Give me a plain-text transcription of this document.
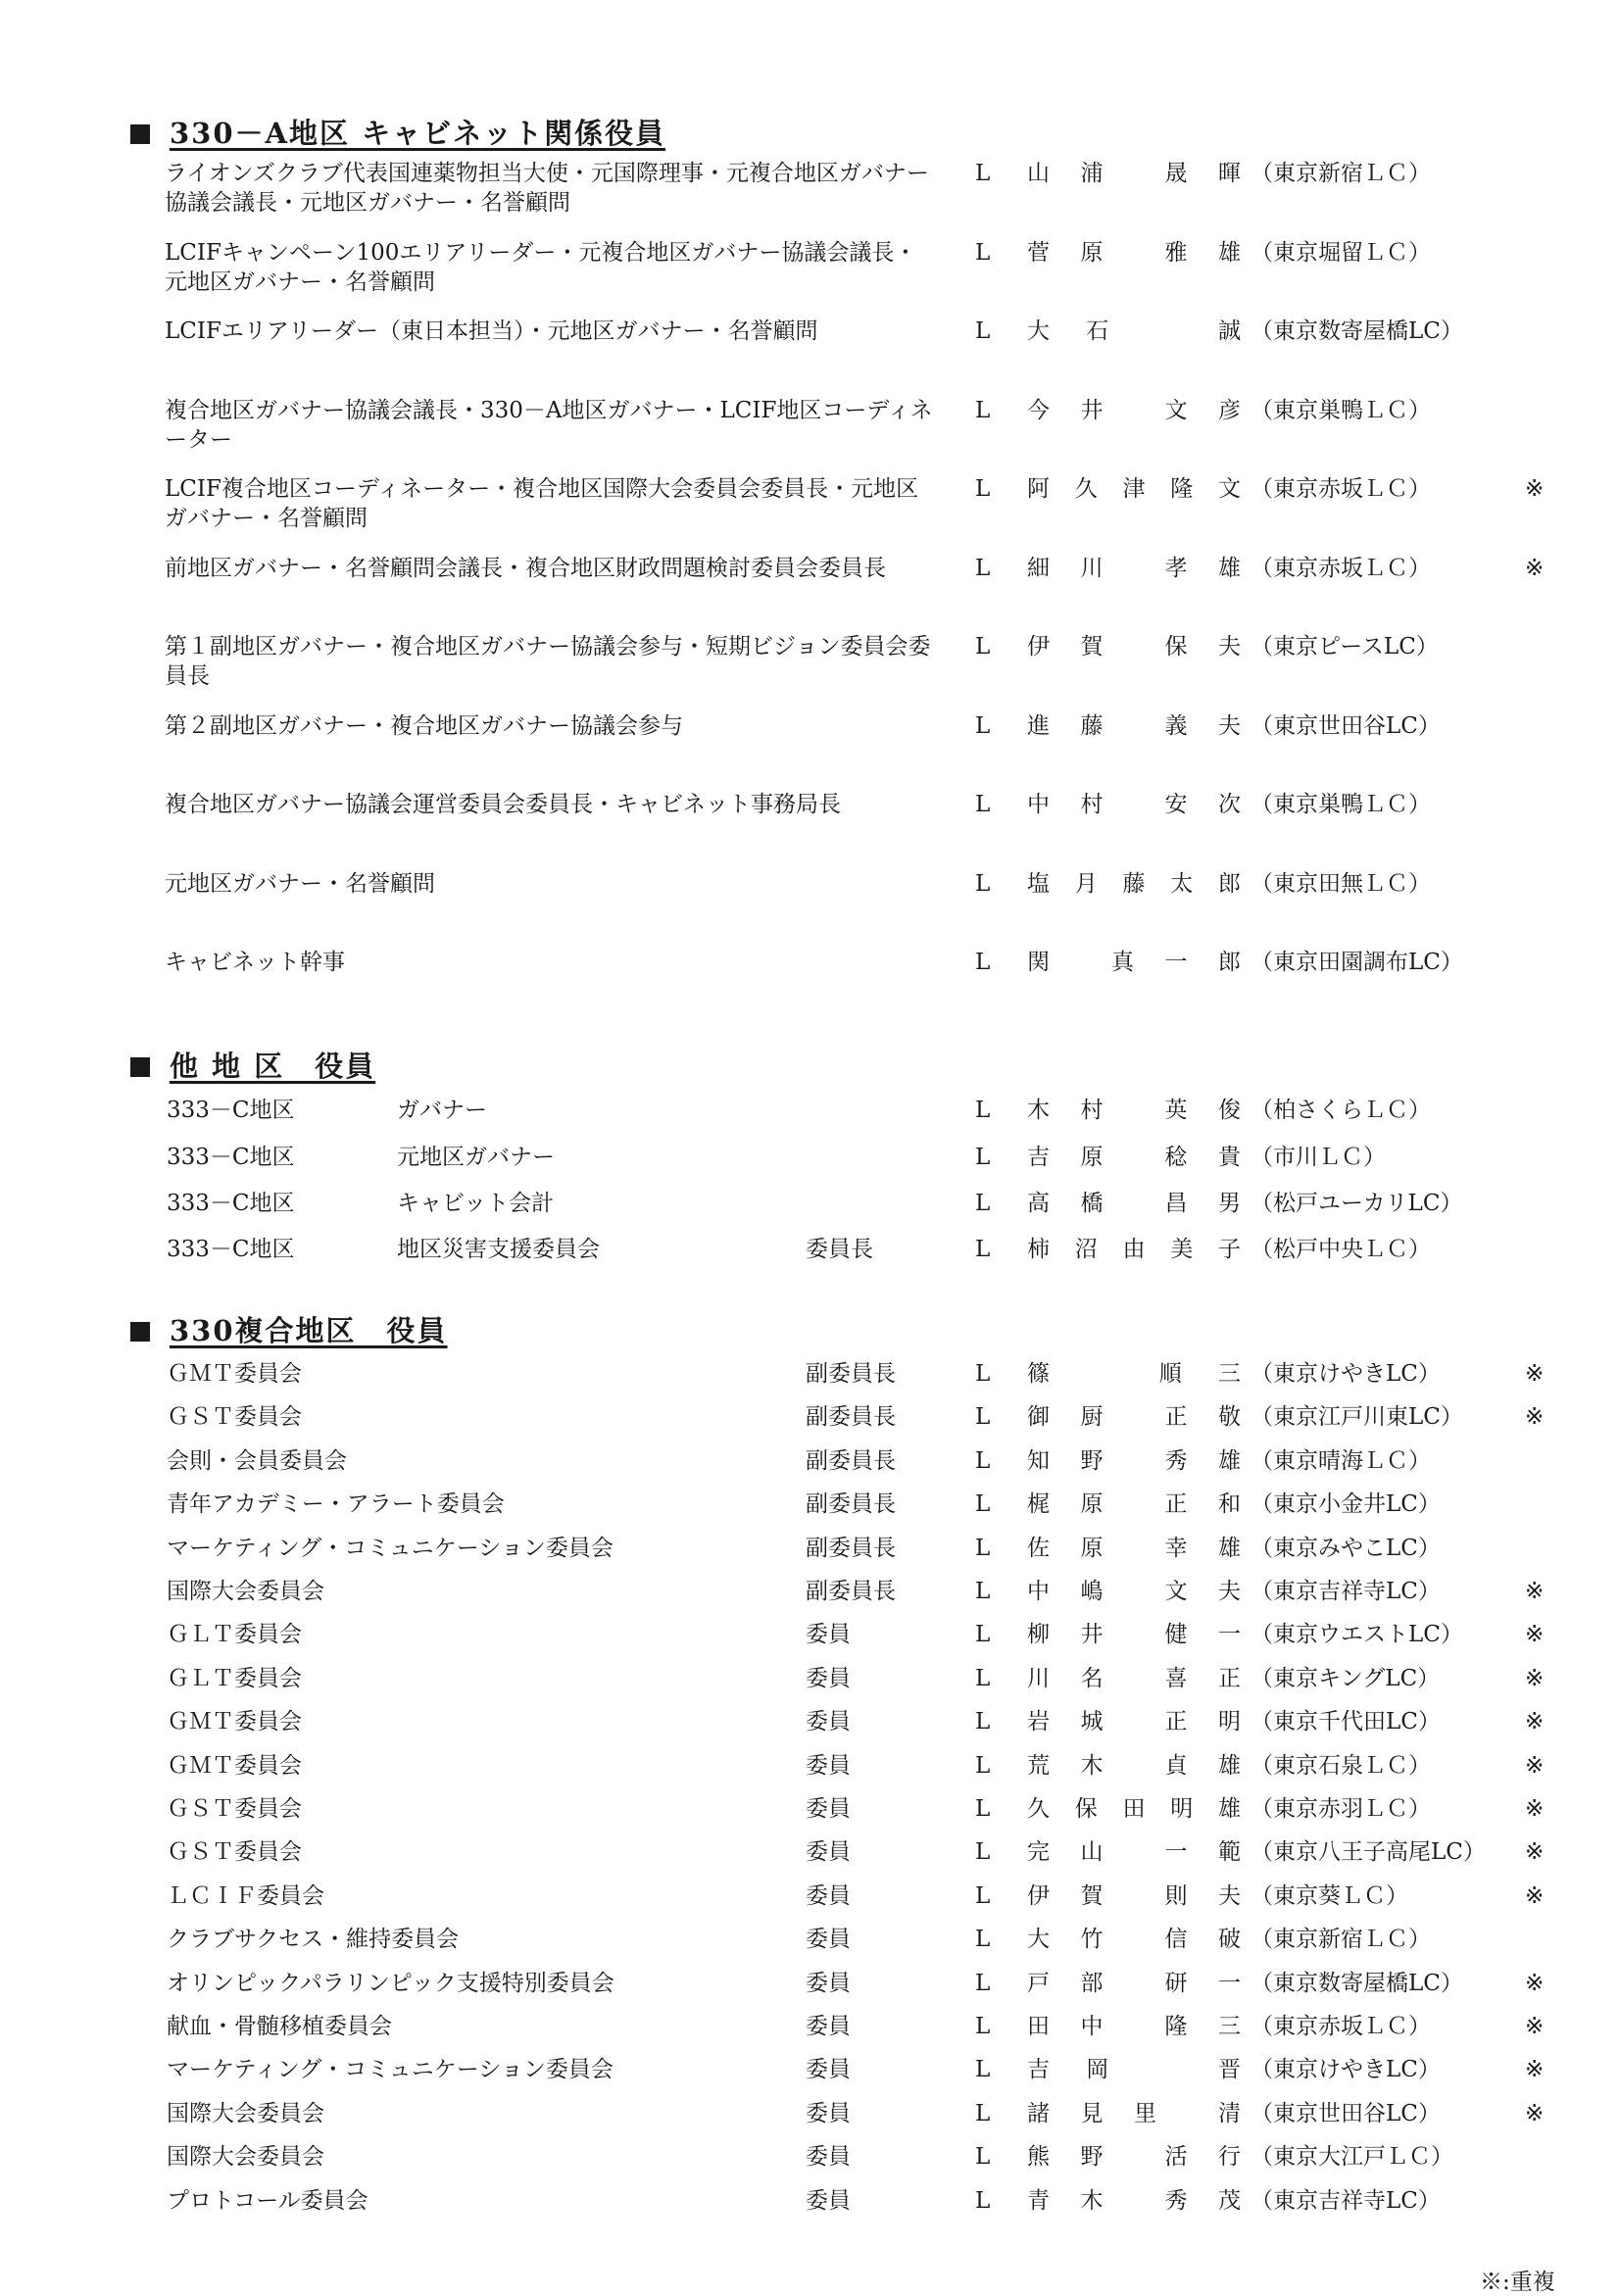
330－A地区 キャビネット関係役員
ライオンズクラブ代表国連薬物担当大使・元国際理事・元複合地区ガバナー協議会議長・元地区ガバナー・名誉顧問
L 山 浦	晟 暉 （東京新宿ＬＣ）
LCIFキャンペーン100エリアリーダー・元複合地区ガバナー協議会議長・元地区ガバナー・名誉顧問
L 菅 原	雅 雄 （東京堀留ＬＣ）
LCIFエリアリーダー（東日本担当）・元地区ガバナー・名誉顧問	L 大 石	誠 （東京数寄屋橋LC）
複合地区ガバナー協議会議長・330－A地区ガバナー・LCIF地区コーディネーター
L 今 井	文 彦 （東京巣鴨ＬＣ）
LCIF複合地区コーディネーター・複合地区国際大会委員会委員長・元地区ガバナー・名誉顧問
L 阿 久 津 隆 文 （東京赤坂ＬＣ）	※
前地区ガバナー・名誉顧問会議長・複合地区財政問題検討委員会委員長	L 細 川	孝 雄 （東京赤坂ＬＣ）	※
第１副地区ガバナー・複合地区ガバナー協議会参与・短期ビジョン委員会委員長
L 伊 賀	保 夫 （東京ピースLC）
第２副地区ガバナー・複合地区ガバナー協議会参与	L 進 藤	義 夫 （東京世田谷LC）
複合地区ガバナー協議会運営委員会委員長・キャビネット事務局長	L 中 村	安 次 （東京巣鴨ＬＣ）
元地区ガバナー・名誉顧問	L 塩 月 藤 太 郎 （東京田無ＬＣ）
キャビネット幹事	L 関	真 一 郎 （東京田園調布LC）
他 地 区　役員
333－C地区	ガバナー	L 木 村	英 俊 （柏さくらＬＣ）
333－C地区	元地区ガバナー	L 吉 原	稔 貴 （市川ＬＣ）
333－C地区	キャビット会計	L 高 橋	昌 男 （松戸ユーカリLC）
333－C地区	地区災害支援委員会	委員長	L 柿 沼 由 美 子 （松戸中央ＬＣ）
330複合地区　役員
ＧＭＴ委員会	副委員長	L 篠	順 三 （東京けやきLC）	※
ＧＳＴ委員会	副委員長	L 御 厨	正 敬 （東京江戸川東LC）	※
会則・会員委員会	副委員長	L 知 野	秀 雄 （東京晴海ＬＣ）
青年アカデミー・アラート委員会	副委員長	L 梶 原	正 和 （東京小金井LC）
マーケティング・コミュニケーション委員会	副委員長	L 佐 原	幸 雄 （東京みやこLC）
国際大会委員会	副委員長	L 中 嶋	文 夫 （東京吉祥寺LC）	※
ＧＬＴ委員会	委員	L 柳 井	健 一 （東京ウエストLC）	※
ＧＬＴ委員会	委員	L 川 名	喜 正 （東京キングLC）	※
ＧＭＴ委員会	委員	L 岩 城	正 明 （東京千代田LC）	※
ＧＭＴ委員会	委員	L 荒 木	貞 雄 （東京石泉ＬＣ）	※
ＧＳＴ委員会	委員	L 久 保 田 明 雄 （東京赤羽ＬＣ）	※
ＧＳＴ委員会	委員	L 完 山	一 範 （東京八王子高尾LC） ※
ＬＣＩＦ委員会	委員	L 伊 賀	則 夫 （東京葵ＬＣ）	※
クラブサクセス・維持委員会	委員	L 大 竹	信 破 （東京新宿ＬＣ）
オリンピックパラリンピック支援特別委員会	委員	L 戸 部	研 一 （東京数寄屋橋LC）	※
献血・骨髄移植委員会	委員	L 田 中	隆 三 （東京赤坂ＬＣ）	※
マーケティング・コミュニケーション委員会	委員	L 吉 岡	晋 （東京けやきLC）	※
国際大会委員会	委員	L 諸 見 里	清 （東京世田谷LC）	※
国際大会委員会	委員	L 熊 野	活 行 （東京大江戸ＬＣ）
プロトコール委員会	委員	L 青 木	秀 茂 （東京吉祥寺LC）
※:重複
